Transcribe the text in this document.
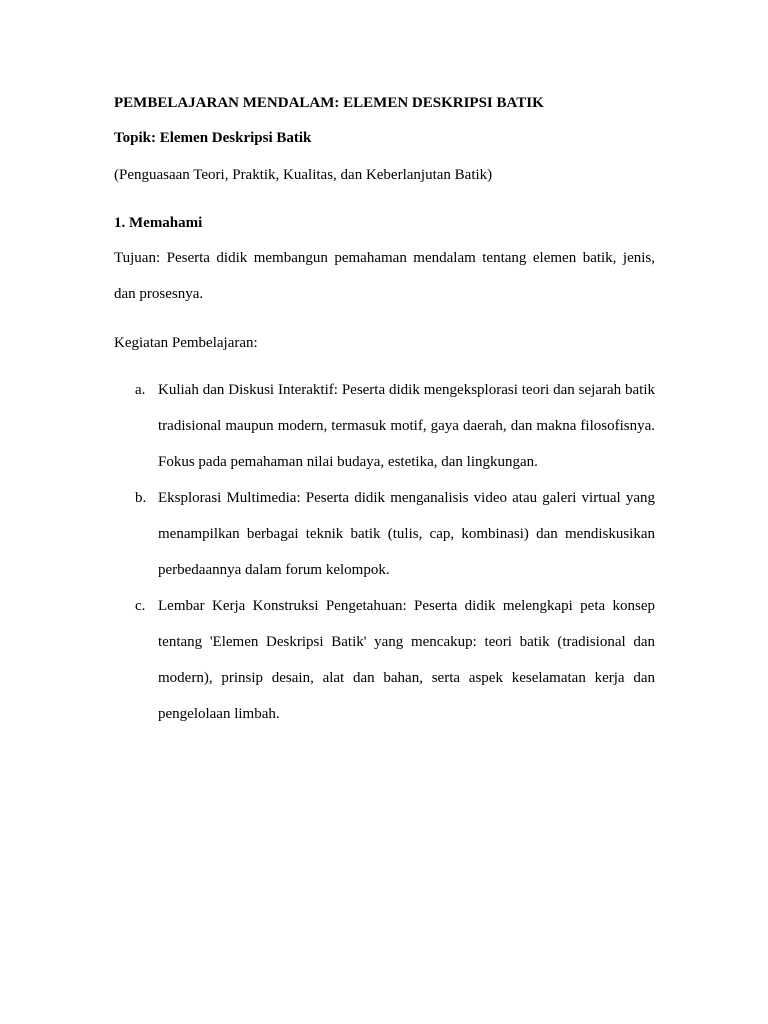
PEMBELAJARAN MENDALAM: ELEMEN DESKRIPSI BATIK
Topik: Elemen Deskripsi Batik
(Penguasaan Teori, Praktik, Kualitas, dan Keberlanjutan Batik)
1. Memahami
Tujuan: Peserta didik membangun pemahaman mendalam tentang elemen batik, jenis, dan prosesnya.
Kegiatan Pembelajaran:
a. Kuliah dan Diskusi Interaktif: Peserta didik mengeksplorasi teori dan sejarah batik tradisional maupun modern, termasuk motif, gaya daerah, dan makna filosofisnya. Fokus pada pemahaman nilai budaya, estetika, dan lingkungan.
b. Eksplorasi Multimedia: Peserta didik menganalisis video atau galeri virtual yang menampilkan berbagai teknik batik (tulis, cap, kombinasi) dan mendiskusikan perbedaannya dalam forum kelompok.
c. Lembar Kerja Konstruksi Pengetahuan: Peserta didik melengkapi peta konsep tentang 'Elemen Deskripsi Batik' yang mencakup: teori batik (tradisional dan modern), prinsip desain, alat dan bahan, serta aspek keselamatan kerja dan pengelolaan limbah.
